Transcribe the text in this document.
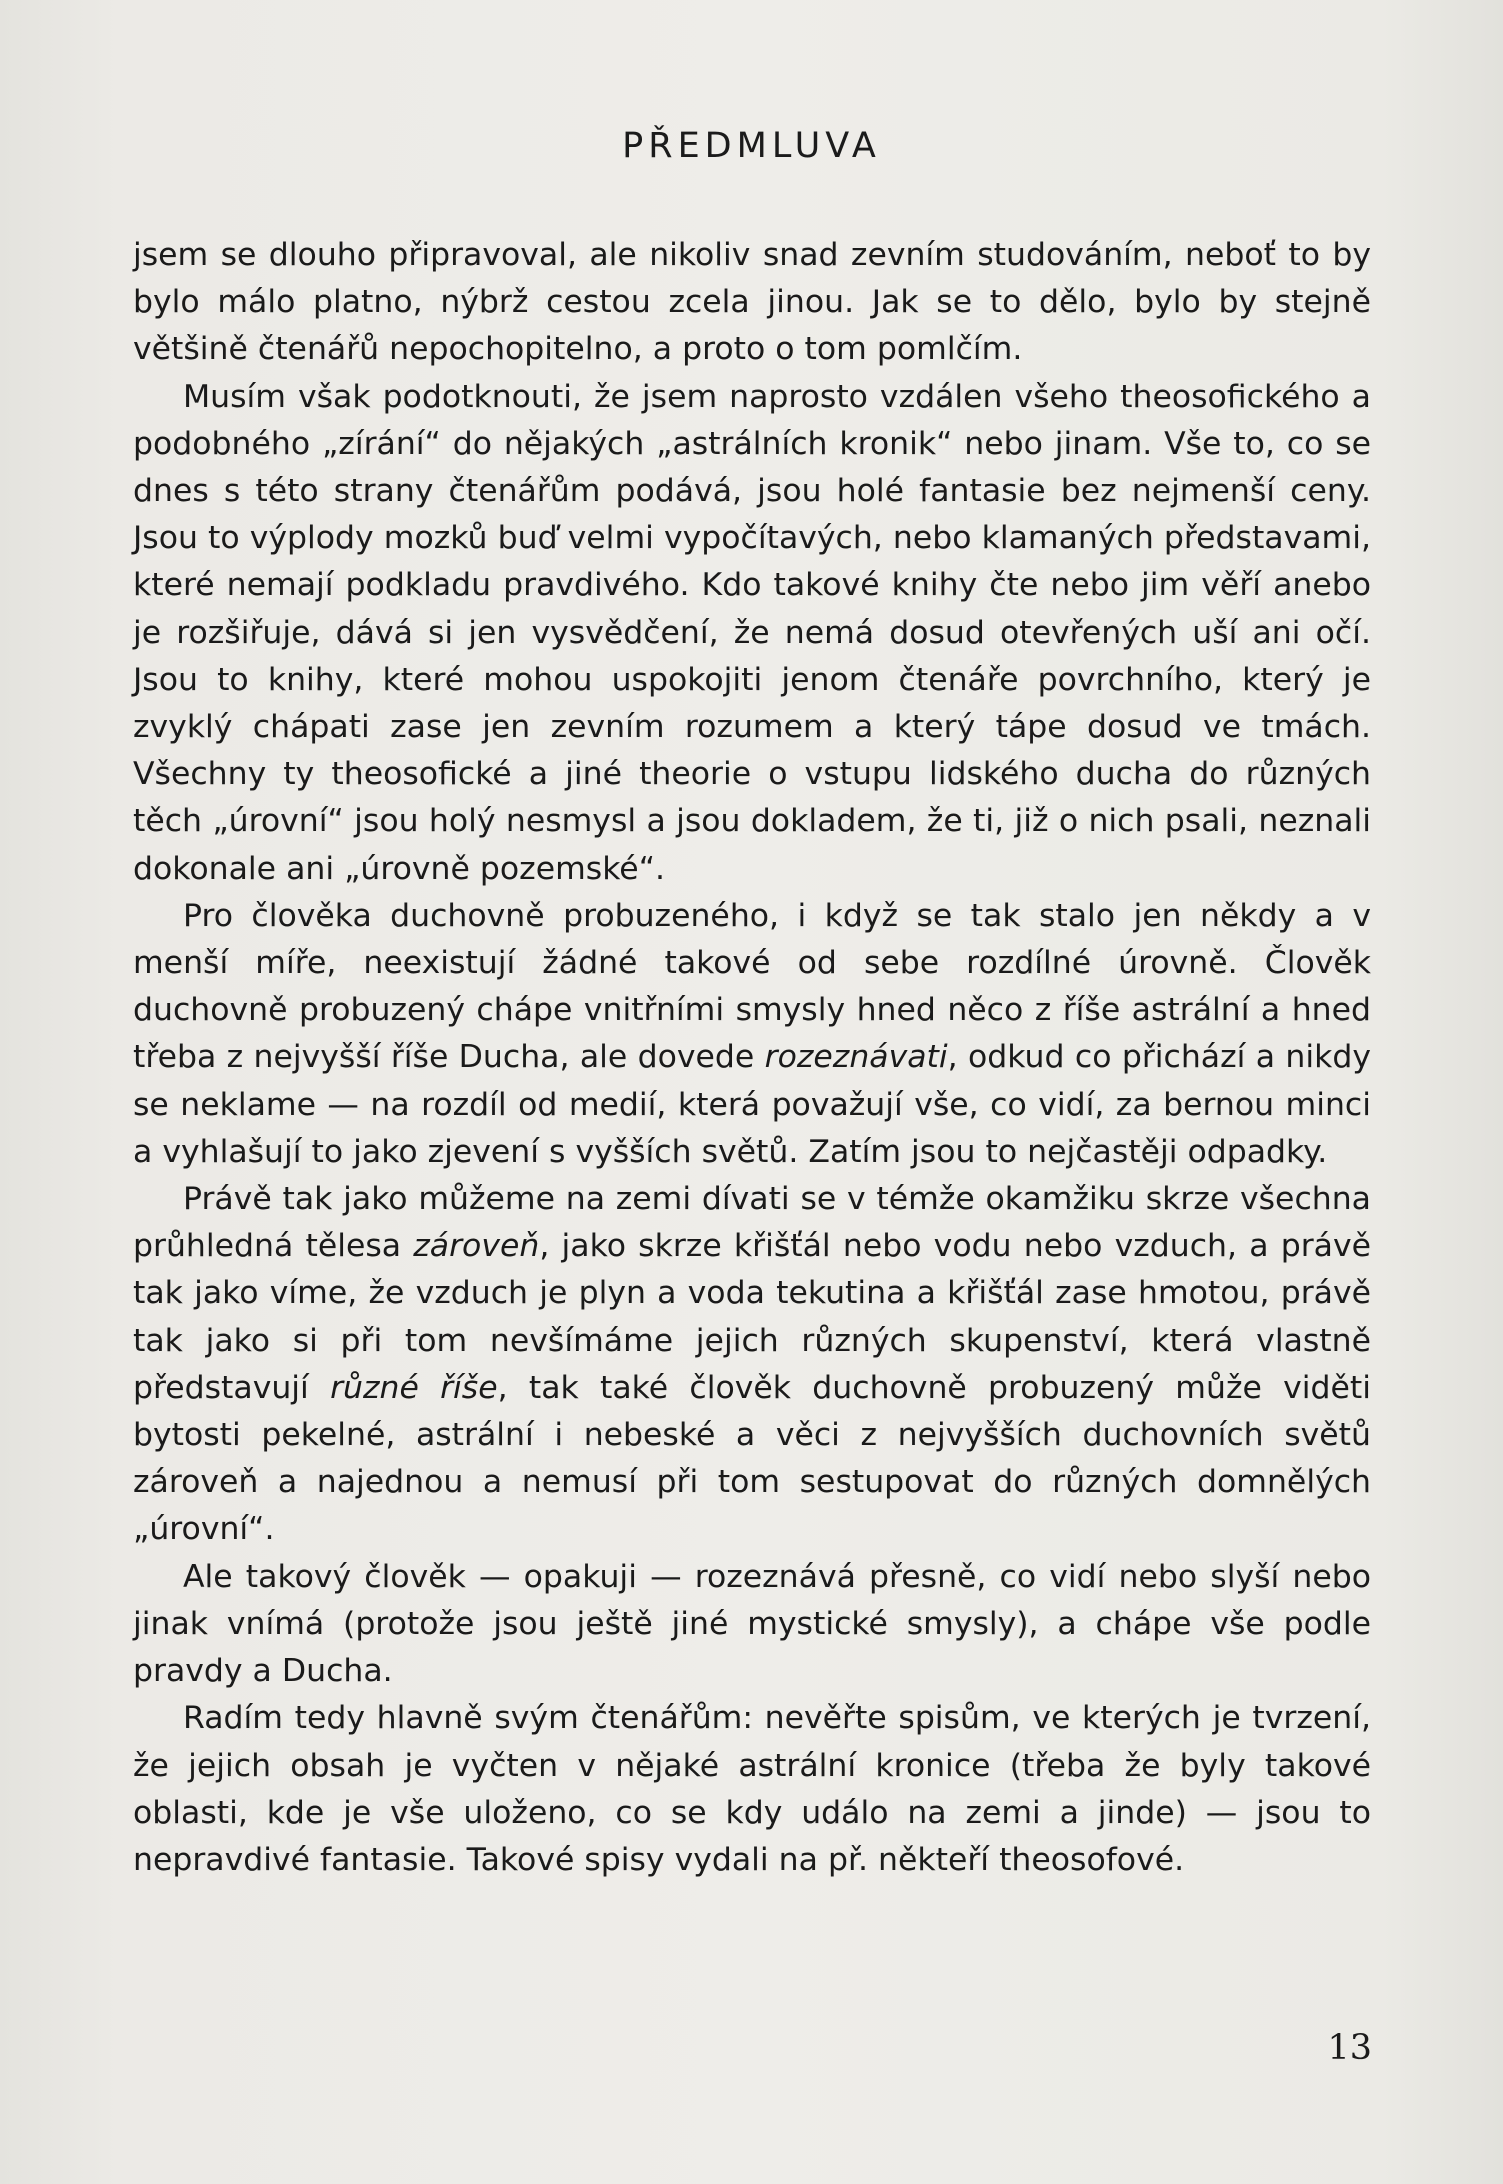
PŘEDMLUVA

jsem se dlouho připravoval, ale nikoliv snad zevním studováním, neboť to by bylo málo platno, nýbrž cestou zcela jinou. Jak se to dělo, bylo by stejně většině čtenářů nepochopitelno, a proto o tom pomlčím.

Musím však podotknouti, že jsem naprosto vzdálen všeho theosofického a podobného „zírání“ do nějakých „astrálních kronik“ nebo jinam. Vše to, co se dnes s této strany čtenářům podává, jsou holé fantasie bez nejmenší ceny. Jsou to výplody mozků buď velmi vypočítavých, nebo klamaných představami, které nemají podkladu pravdivého. Kdo takové knihy čte nebo jim věří anebo je rozšiřuje, dává si jen vysvědčení, že nemá dosud otevřených uší ani očí. Jsou to knihy, které mohou uspokojiti jenom čtenáře povrchního, který je zvyklý chápati zase jen zevním rozumem a který tápe dosud ve tmách. Všechny ty theosofické a jiné theorie o vstupu lidského ducha do různých těch „úrovní“ jsou holý nesmysl a jsou dokladem, že ti, již o nich psali, neznali dokonale ani „úrovně pozemské“.

Pro člověka duchovně probuzeného, i když se tak stalo jen někdy a v menší míře, neexistují žádné takové od sebe rozdílné úrovně. Člověk duchovně probuzený chápe vnitřními smysly hned něco z říše astrální a hned třeba z nejvyšší říše Ducha, ale dovede rozeznávati, odkud co přichází a nikdy se neklame — na rozdíl od medií, která považují vše, co vidí, za bernou minci a vyhlašují to jako zjevení s vyšších světů. Zatím jsou to nejčastěji odpadky.

Právě tak jako můžeme na zemi dívati se v témže okamžiku skrze všechna průhledná tělesa zároveň, jako skrze křišťál nebo vodu nebo vzduch, a právě tak jako víme, že vzduch je plyn a voda tekutina a křišťál zase hmotou, právě tak jako si při tom nevšímáme jejich různých skupenství, která vlastně představují různé říše, tak také člověk duchovně probuzený může viděti bytosti pekelné, astrální i nebeské a věci z nejvyšších duchovních světů zároveň a najednou a nemusí při tom sestupovat do různých domnělých „úrovní“.

Ale takový člověk — opakuji — rozeznává přesně, co vidí nebo slyší nebo jinak vnímá (protože jsou ještě jiné mystické smysly), a chápe vše podle pravdy a Ducha.

Radím tedy hlavně svým čtenářům: nevěřte spisům, ve kterých je tvrzení, že jejich obsah je vyčten v nějaké astrální kronice (třeba že byly takové oblasti, kde je vše uloženo, co se kdy událo na zemi a jinde) — jsou to nepravdivé fantasie. Takové spisy vydali na př. někteří theosofové.

13
